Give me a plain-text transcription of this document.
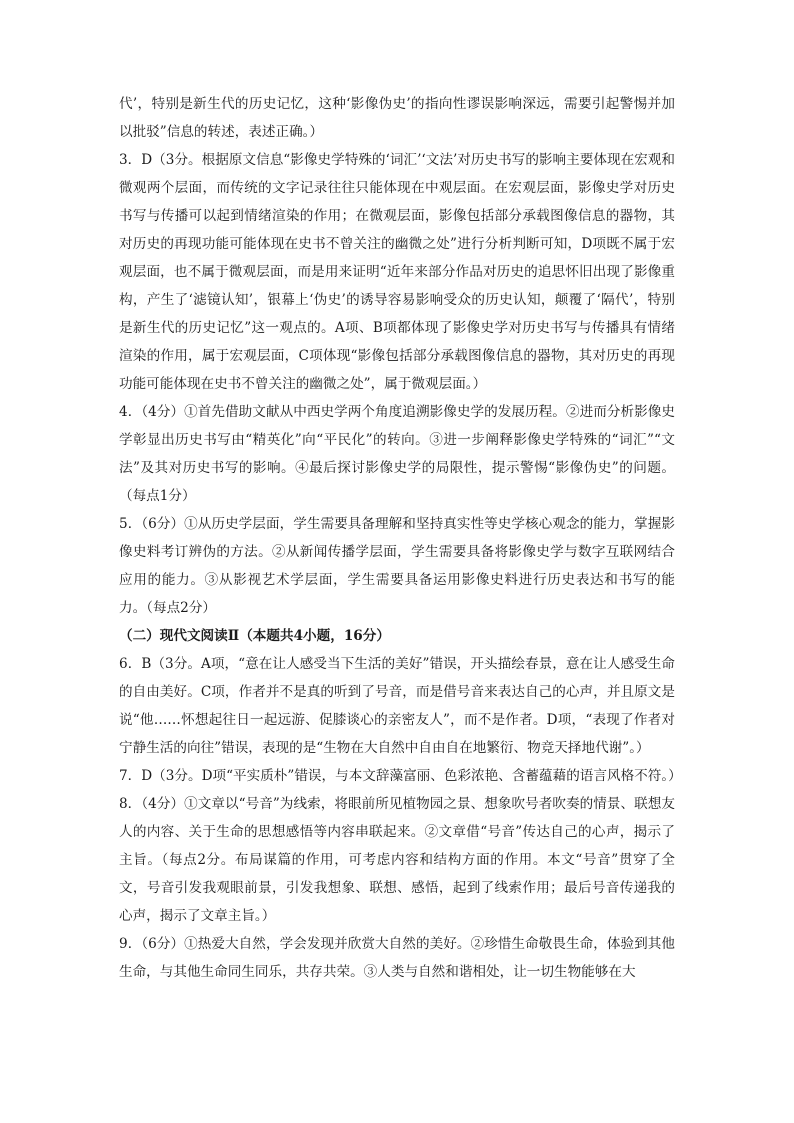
代’，特别是新生代的历史记忆，这种‘影像伪史’的指向性谬误影响深远，需要引起警惕并加以批驳”信息的转述，表述正确。）

3．D（3分。根据原文信息“影像史学特殊的‘词汇’‘文法’对历史书写的影响主要体现在宏观和微观两个层面，而传统的文字记录往往只能体现在中观层面。在宏观层面，影像史学对历史书写与传播可以起到情绪渲染的作用；在微观层面，影像包括部分承载图像信息的器物，其对历史的再现功能可能体现在史书不曾关注的幽微之处”进行分析判断可知，D项既不属于宏观层面，也不属于微观层面，而是用来证明“近年来部分作品对历史的追思怀旧出现了影像重构，产生了‘滤镜认知’，银幕上‘伪史’的诱导容易影响受众的历史认知，颠覆了‘隔代’，特别是新生代的历史记忆”这一观点的。A项、B项都体现了影像史学对历史书写与传播具有情绪渲染的作用，属于宏观层面，C项体现“影像包括部分承载图像信息的器物，其对历史的再现功能可能体现在史书不曾关注的幽微之处”，属于微观层面。）

4．（4分）①首先借助文献从中西史学两个角度追溯影像史学的发展历程。②进而分析影像史学彰显出历史书写由“精英化”向“平民化”的转向。③进一步阐释影像史学特殊的“词汇”“文法”及其对历史书写的影响。④最后探讨影像史学的局限性，提示警惕“影像伪史”的问题。（每点1分）

5．（6分）①从历史学层面，学生需要具备理解和坚持真实性等史学核心观念的能力，掌握影像史料考订辨伪的方法。②从新闻传播学层面，学生需要具备将影像史学与数字互联网结合应用的能力。③从影视艺术学层面，学生需要具备运用影像史料进行历史表达和书写的能力。（每点2分）

（二）现代文阅读Ⅱ（本题共4小题，16分）

6．B（3分。A项，“意在让人感受当下生活的美好”错误，开头描绘春景，意在让人感受生命的自由美好。C项，作者并不是真的听到了号音，而是借号音来表达自己的心声，并且原文是说“他……怀想起往日一起远游、促膝谈心的亲密友人”，而不是作者。D项，“表现了作者对宁静生活的向往”错误，表现的是“生物在大自然中自由自在地繁衍、物竞天择地代谢”。）

7．D（3分。D项“平实质朴”错误，与本文辞藻富丽、色彩浓艳、含蓄蕴藉的语言风格不符。）

8．（4分）①文章以“号音”为线索，将眼前所见植物园之景、想象吹号者吹奏的情景、联想友人的内容、关于生命的思想感悟等内容串联起来。②文章借“号音”传达自己的心声，揭示了主旨。（每点2分。布局谋篇的作用，可考虑内容和结构方面的作用。本文“号音”贯穿了全文，号音引发我观眼前景，引发我想象、联想、感悟，起到了线索作用；最后号音传递我的心声，揭示了文章主旨。）

9．（6分）①热爱大自然，学会发现并欣赏大自然的美好。②珍惜生命敬畏生命，体验到其他生命，与其他生命同生同乐，共存共荣。③人类与自然和谐相处，让一切生物能够在大
